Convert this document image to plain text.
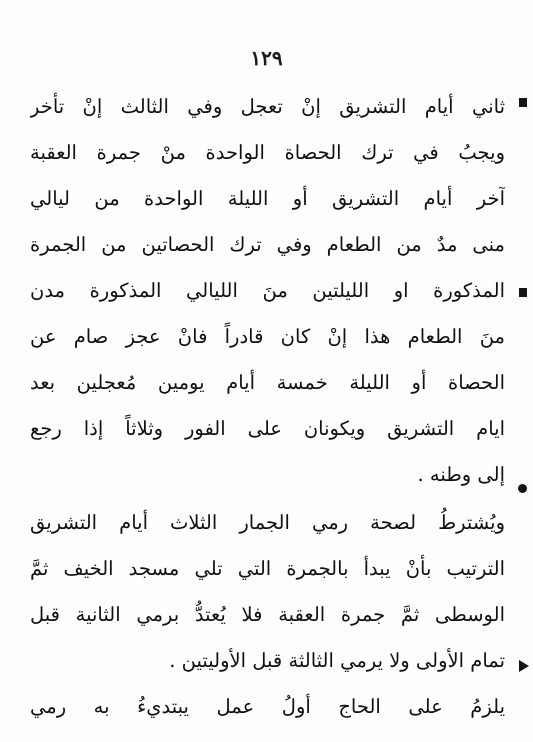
١٢٩
ثاني أيام التشريق إنْ تعجل وفي الثالث إنْ تأخر
ويجبُ في ترك الحصاة الواحدة منْ جمرة العقبة
آخر أيام التشريق أو الليلة الواحدة من ليالي
منى مدٌ من الطعام وفي ترك الحصاتين من الجمرة
المذكورة او الليلتين منَ الليالي المذكورة مدن
منَ الطعام هذا إنْ كان قادراً فانْ عجز صام عن
الحصاة أو الليلة خمسة أيام يومين مُعجلين بعد
ايام التشريق ويكونان على الفور وثلاثاً إذا رجع
إلى وطنه .
ويُشترطُ لصحة رمي الجمار الثلاث أيام التشريق
الترتيب بأنْ يبدأ بالجمرة التي تلي مسجد الخيف ثمَّ
الوسطى ثمَّ جمرة العقبة فلا يُعتدُّ برمي الثانية قبل
تمام الأولى ولا يرمي الثالثة قبل الأوليتين .
يلزمُ على الحاج أولُ عمل يبتديءُ به رمي
